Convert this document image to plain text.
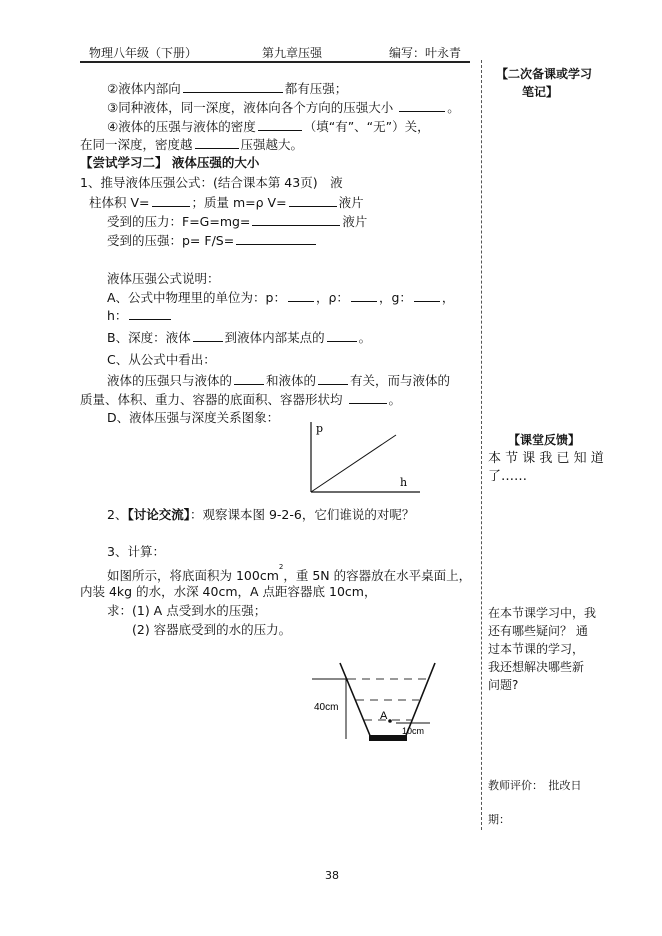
物理八年级（下册）	第九章压强	编写：叶永青
②液体内部向	都有压强；
③同种液体，同一深度，液体向各个方向的压强大小	。
④液体的压强与液体的密度	（填“有”、“无”）关，
在同一深度，密度越	压强越大。
【尝试学习二】 液体压强的大小
1、推导液体压强公式：(结合课本第 43页)　液
柱体积 V=	；质量 m=ρ V=	液片
受到的压力：F=G=mg=	液片
受到的压强：p= F/S=
液体压强公式说明：
A、公式中物理里的单位为：p： ，ρ： ，g： ，
h：
B、深度：液体	到液体内部某点的	。
C、从公式中看出：
液体的压强只与液体的	和液体的	有关，而与液体的
质量、体积、重力、容器的底面积、容器形状均	。
D、液体压强与深度关系图象：
p
h
2、【讨论交流】：观察课本图 9-2-6，它们谁说的对呢？
3、计算：
如图所示，将底面积为 $100cm^2$，重 5N 的容器放在水平桌面上，
内装 4kg 的水，水深 40cm，A 点距容器底 10cm，
求：(1) A 点受到水的压强；
(2) 容器底受到的水的压力。
40cm
A
10cm
【二次备课或学习
笔记】
【课堂反馈】
本 节 课 我 已 知 道
了……
在本节课学习中，我
还有哪些疑问？ 通
过本节课的学习，
我还想解决哪些新
问题?
教师评价：　批改日
期：
38
